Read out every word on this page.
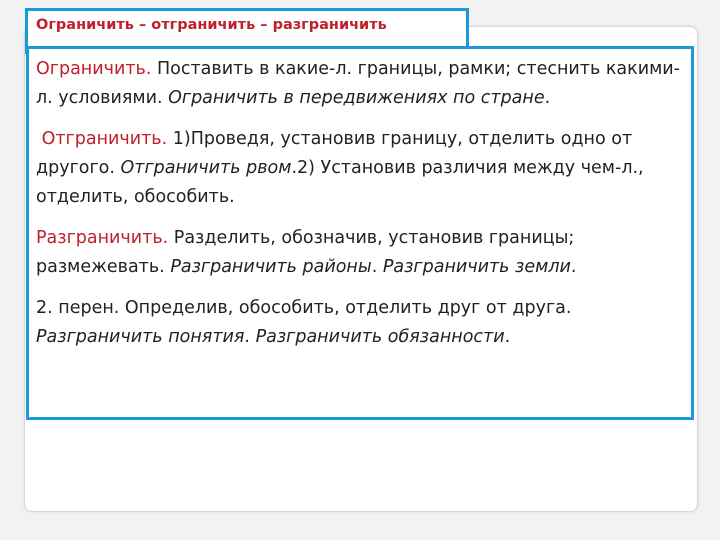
Ограничить – отграничить – разграничить

Ограничить. Поставить в какие-л. границы, рамки; стеснить какими-л. условиями. Ограничить в передвижениях по стране.

Отграничить. 1)Проведя, установив границу, отделить одно от другого. Отграничить рвом.2) Установив различия между чем-л., отделить, обособить.

Разграничить. Разделить, обозначив, установив границы; размежевать. Разграничить районы. Разграничить земли.

2. перен. Определив, обособить, отделить друг от друга. Разграничить понятия. Разграничить обязанности.
